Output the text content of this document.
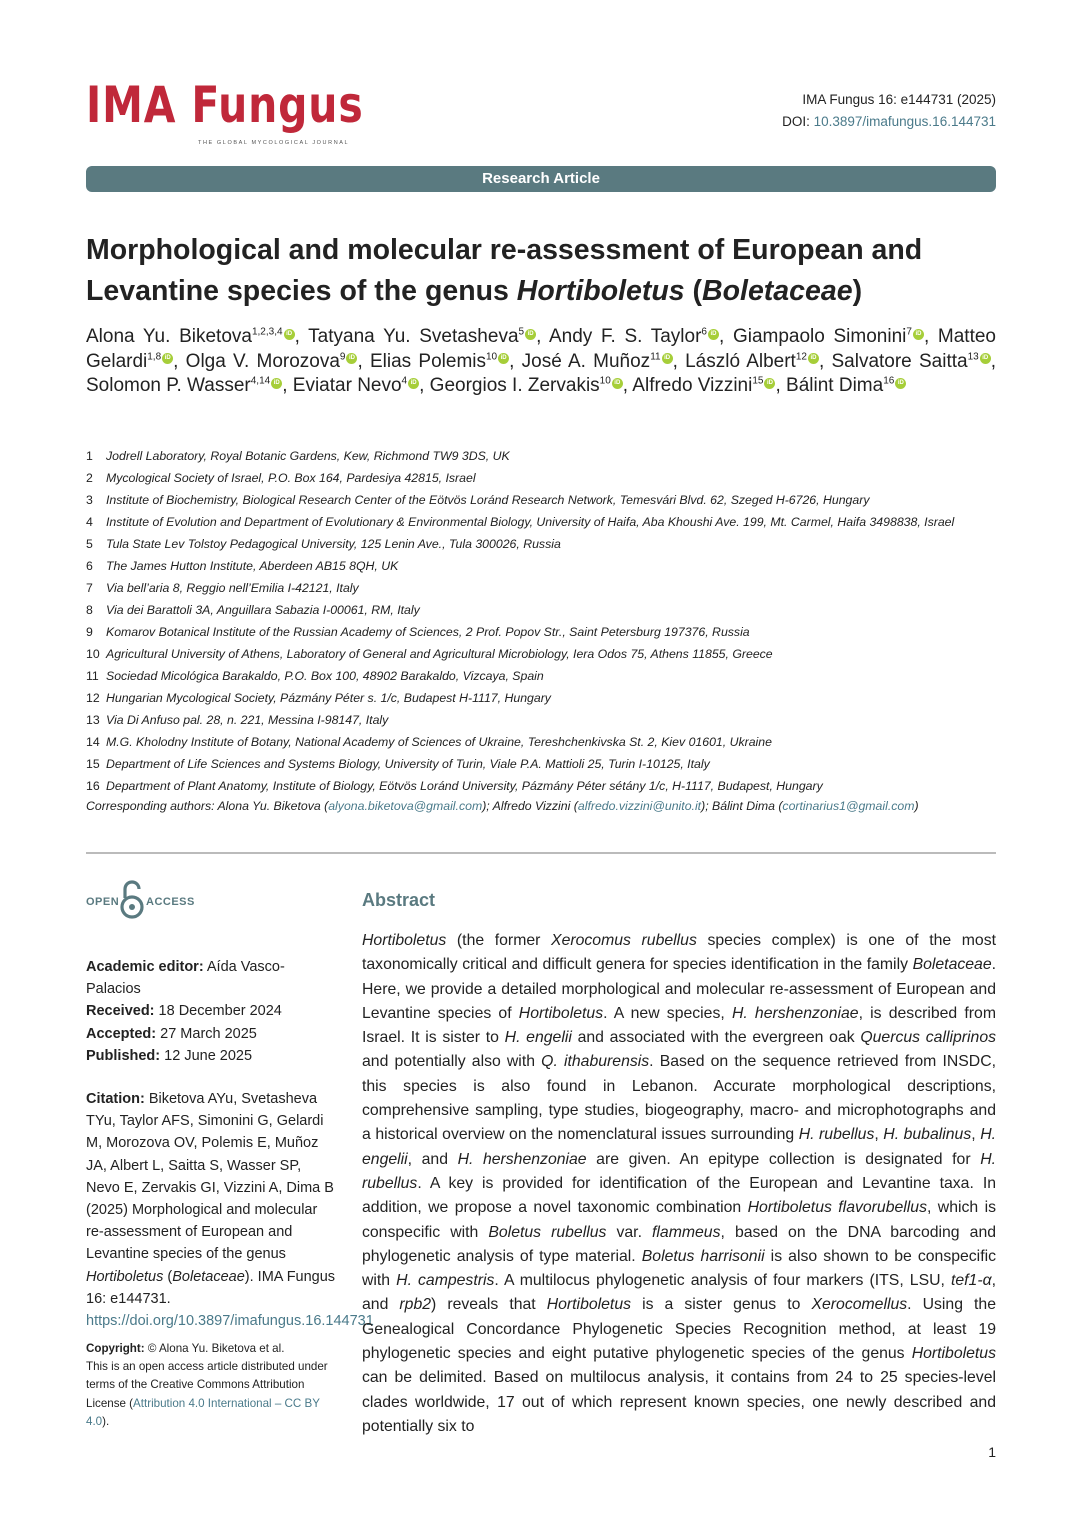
IMA Fungus
THE GLOBAL MYCOLOGICAL JOURNAL
IMA Fungus 16: e144731 (2025)
DOI: 10.3897/imafungus.16.144731
Research Article
Morphological and molecular re-assessment of European and Levantine species of the genus Hortiboletus (Boletaceae)
Alona Yu. Biketova$^{1,2,3,4}$ iD , Tatyana Yu. Svetasheva$^5$ iD , Andy F. S. Taylor$^6$ iD , Giampaolo Simonini$^7$ iD , Matteo Gelardi$^{1,8}$ iD , Olga V. Morozova$^9$ iD , Elias Polemis$^{10}$ iD , José A. Muñoz$^{11}$ iD , László Albert$^{12}$ iD , Salvatore Saitta$^{13}$ iD , Solomon P. Wasser$^{4,14}$ iD , Eviatar Nevo$^4$ iD , Georgios I. Zervakis$^{10}$ iD , Alfredo Vizzini$^{15}$ iD , Bálint Dima$^{16}$ iD
1 Jodrell Laboratory, Royal Botanic Gardens, Kew, Richmond TW9 3DS, UK
2 Mycological Society of Israel, P.O. Box 164, Pardesiya 42815, Israel
3 Institute of Biochemistry, Biological Research Center of the Eötvös Loránd Research Network, Temesvári Blvd. 62, Szeged H-6726, Hungary
4 Institute of Evolution and Department of Evolutionary & Environmental Biology, University of Haifa, Aba Khoushi Ave. 199, Mt. Carmel, Haifa 3498838, Israel
5 Tula State Lev Tolstoy Pedagogical University, 125 Lenin Ave., Tula 300026, Russia
6 The James Hutton Institute, Aberdeen AB15 8QH, UK
7 Via bell’aria 8, Reggio nell’Emilia I-42121, Italy
8 Via dei Barattoli 3A, Anguillara Sabazia I-00061, RM, Italy
9 Komarov Botanical Institute of the Russian Academy of Sciences, 2 Prof. Popov Str., Saint Petersburg 197376, Russia
10 Agricultural University of Athens, Laboratory of General and Agricultural Microbiology, Iera Odos 75, Athens 11855, Greece
11 Sociedad Micológica Barakaldo, P.O. Box 100, 48902 Barakaldo, Vizcaya, Spain
12 Hungarian Mycological Society, Pázmány Péter s. 1/c, Budapest H-1117, Hungary
13 Via Di Anfuso pal. 28, n. 221, Messina I-98147, Italy
14 M.G. Kholodny Institute of Botany, National Academy of Sciences of Ukraine, Tereshchenkivska St. 2, Kiev 01601, Ukraine
15 Department of Life Sciences and Systems Biology, University of Turin, Viale P.A. Mattioli 25, Turin I-10125, Italy
16 Department of Plant Anatomy, Institute of Biology, Eötvös Loránd University, Pázmány Péter sétány 1/c, H-1117, Budapest, Hungary
Corresponding authors: Alona Yu. Biketova (alyona.biketova@gmail.com); Alfredo Vizzini (alfredo.vizzini@unito.it); Bálint Dima (cortinarius1@gmail.com)
OPEN ACCESS
Academic editor: Aída Vasco-Palacios
Received: 18 December 2024
Accepted: 27 March 2025
Published: 12 June 2025
Citation: Biketova AYu, Svetasheva TYu, Taylor AFS, Simonini G, Gelardi M, Morozova OV, Polemis E, Muñoz JA, Albert L, Saitta S, Wasser SP, Nevo E, Zervakis GI, Vizzini A, Dima B (2025) Morphological and molecular re-assessment of European and Levantine species of the genus Hortiboletus (Boletaceae). IMA Fungus 16: e144731. https://doi.org/10.3897/imafungus.16.144731
Copyright: © Alona Yu. Biketova et al.
This is an open access article distributed under terms of the Creative Commons Attribution License (Attribution 4.0 International – CC BY 4.0).
Abstract
Hortiboletus (the former Xerocomus rubellus species complex) is one of the most taxonomically critical and difficult genera for species identification in the family Boletaceae. Here, we provide a detailed morphological and molecular re-assessment of European and Levantine species of Hortiboletus. A new species, H. hershenzoniae, is described from Israel. It is sister to H. engelii and associated with the evergreen oak Quercus calliprinos and potentially also with Q. ithaburensis. Based on the sequence retrieved from INSDC, this species is also found in Lebanon. Accurate morphological descriptions, comprehensive sampling, type studies, biogeography, macro- and microphotographs and a historical overview on the nomenclatural issues surrounding H. rubellus, H. bubalinus, H. engelii, and H. hershenzoniae are given. An epitype collection is designated for H. rubellus. A key is provided for identification of the European and Levantine taxa. In addition, we propose a novel taxonomic combination Hortiboletus flavorubellus, which is conspecific with Boletus rubellus var. flammeus, based on the DNA barcoding and phylogenetic analysis of type material. Boletus harrisonii is also shown to be conspecific with H. campestris. A multilocus phylogenetic analysis of four markers (ITS, LSU, tef1-α, and rpb2) reveals that Hortiboletus is a sister genus to Xerocomellus. Using the Genealogical Concordance Phylogenetic Species Recognition method, at least 19 phylogenetic species and eight putative phylogenetic species of the genus Hortiboletus can be delimited. Based on multilocus analysis, it contains from 24 to 25 species-level clades worldwide, 17 out of which represent known species, one newly described and potentially six to
1
